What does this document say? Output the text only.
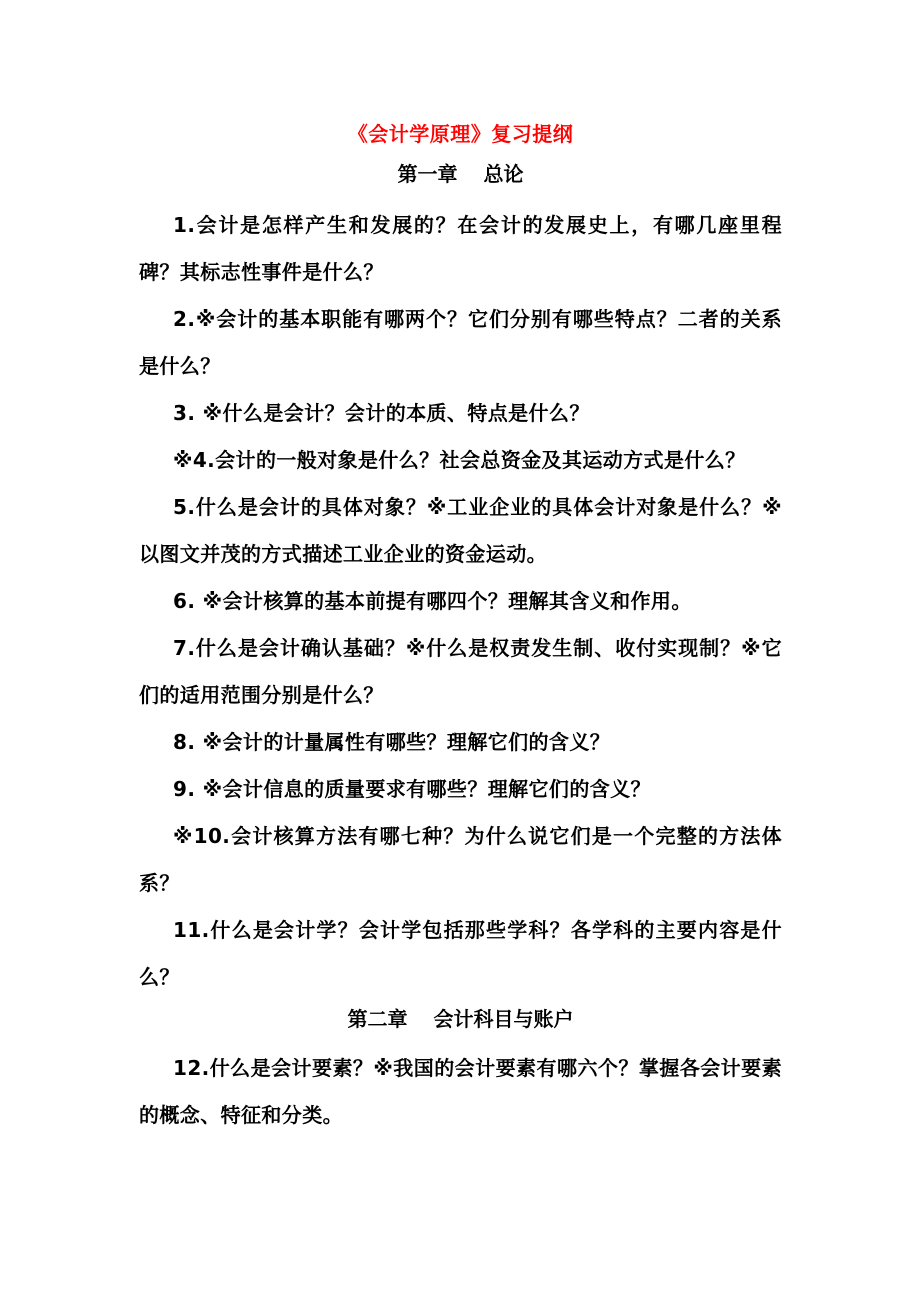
《会计学原理》复习提纲
第一章 总论

1.会计是怎样产生和发展的？在会计的发展史上，有哪几座里程碑？其标志性事件是什么？

2.※会计的基本职能有哪两个？它们分别有哪些特点？二者的关系是什么？

3. ※什么是会计？会计的本质、特点是什么？

※4.会计的一般对象是什么？社会总资金及其运动方式是什么？

5.什么是会计的具体对象？※工业企业的具体会计对象是什么？※以图文并茂的方式描述工业企业的资金运动。

6. ※会计核算的基本前提有哪四个？理解其含义和作用。

7.什么是会计确认基础？※什么是权责发生制、收付实现制？※它们的适用范围分别是什么？

8. ※会计的计量属性有哪些？理解它们的含义？

9. ※会计信息的质量要求有哪些？理解它们的含义？

※10.会计核算方法有哪七种？为什么说它们是一个完整的方法体系？

11.什么是会计学？会计学包括那些学科？各学科的主要内容是什么？

第二章 会计科目与账户

12.什么是会计要素？※我国的会计要素有哪六个？掌握各会计要素的概念、特征和分类。
